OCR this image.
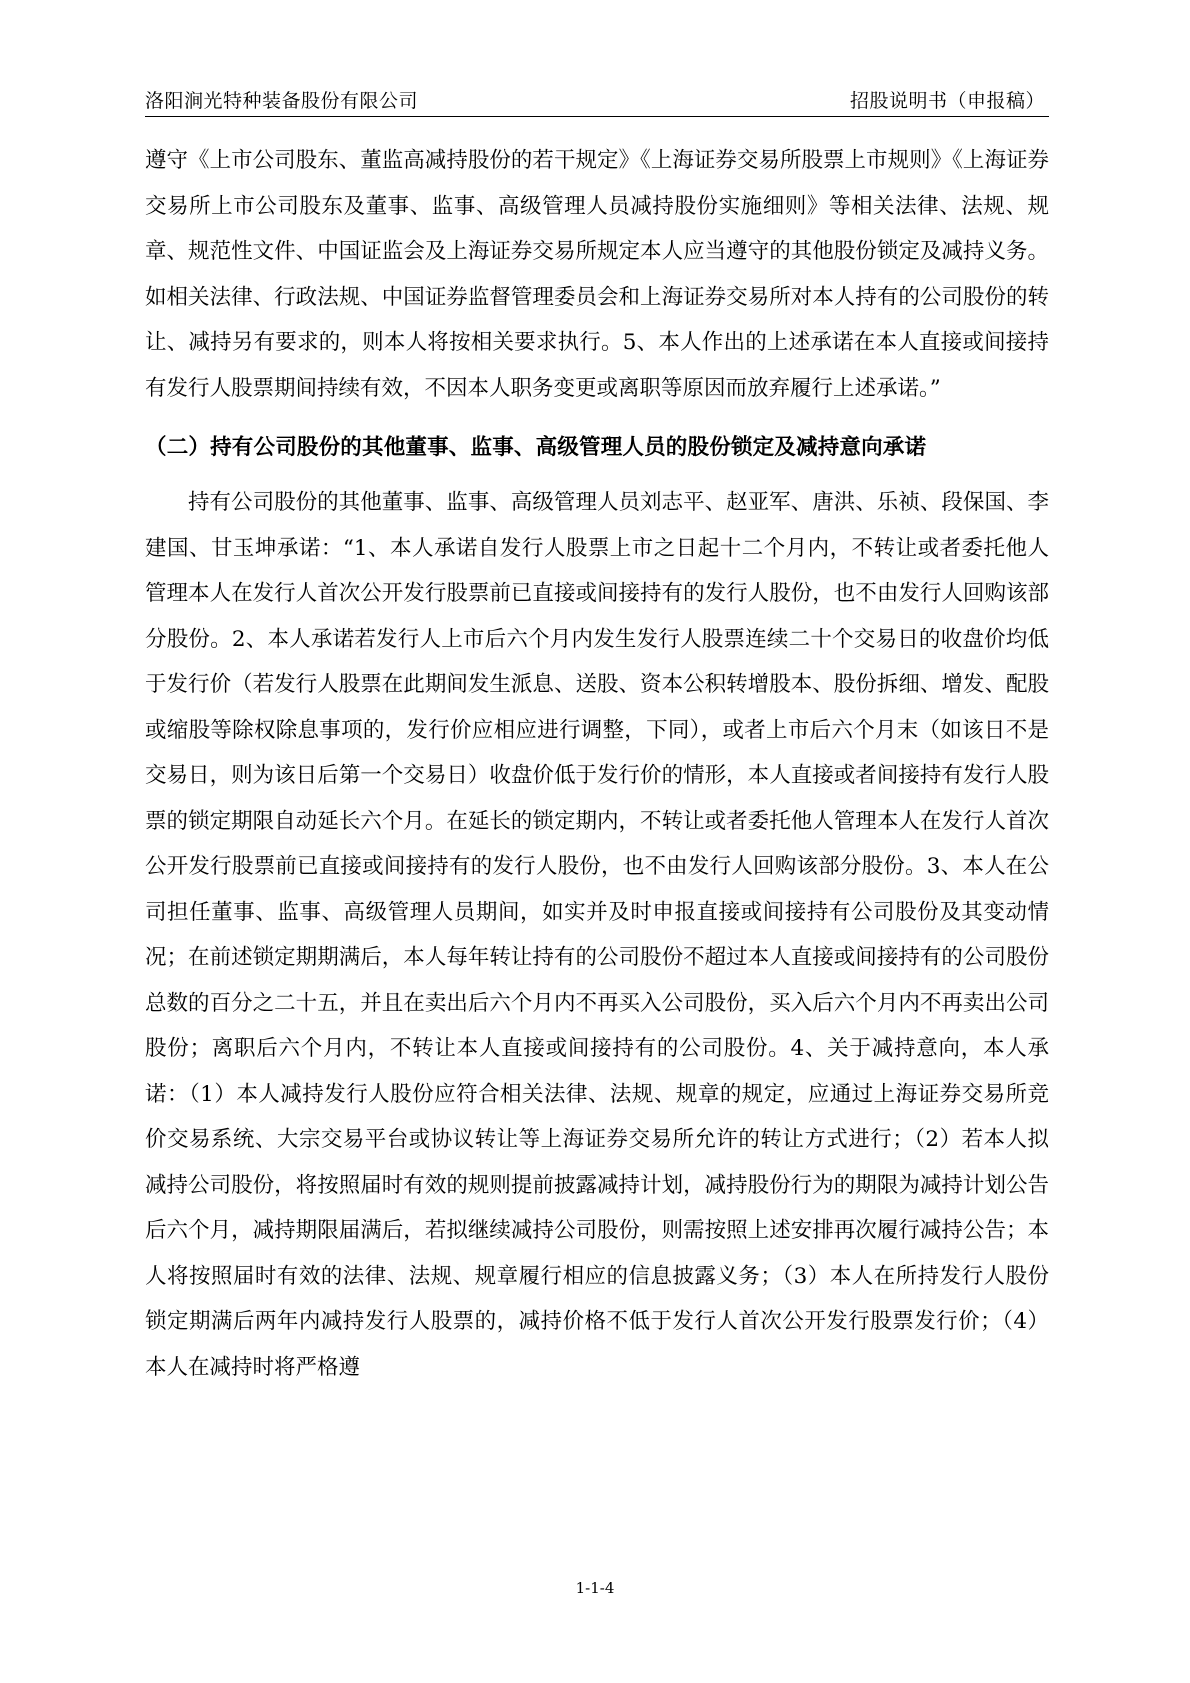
洛阳涧光特种装备股份有限公司	招股说明书（申报稿）

遵守《上市公司股东、董监高减持股份的若干规定》《上海证券交易所股票上市规则》《上海证券交易所上市公司股东及董事、监事、高级管理人员减持股份实施细则》等相关法律、法规、规章、规范性文件、中国证监会及上海证券交易所规定本人应当遵守的其他股份锁定及减持义务。如相关法律、行政法规、中国证券监督管理委员会和上海证券交易所对本人持有的公司股份的转让、减持另有要求的，则本人将按相关要求执行。5、本人作出的上述承诺在本人直接或间接持有发行人股票期间持续有效，不因本人职务变更或离职等原因而放弃履行上述承诺。”

（二）持有公司股份的其他董事、监事、高级管理人员的股份锁定及减持意向承诺

持有公司股份的其他董事、监事、高级管理人员刘志平、赵亚军、唐洪、乐祯、段保国、李建国、甘玉坤承诺：“1、本人承诺自发行人股票上市之日起十二个月内，不转让或者委托他人管理本人在发行人首次公开发行股票前已直接或间接持有的发行人股份，也不由发行人回购该部分股份。2、本人承诺若发行人上市后六个月内发生发行人股票连续二十个交易日的收盘价均低于发行价（若发行人股票在此期间发生派息、送股、资本公积转增股本、股份拆细、增发、配股或缩股等除权除息事项的，发行价应相应进行调整，下同），或者上市后六个月末（如该日不是交易日，则为该日后第一个交易日）收盘价低于发行价的情形，本人直接或者间接持有发行人股票的锁定期限自动延长六个月。在延长的锁定期内，不转让或者委托他人管理本人在发行人首次公开发行股票前已直接或间接持有的发行人股份，也不由发行人回购该部分股份。3、本人在公司担任董事、监事、高级管理人员期间，如实并及时申报直接或间接持有公司股份及其变动情况；在前述锁定期期满后，本人每年转让持有的公司股份不超过本人直接或间接持有的公司股份总数的百分之二十五，并且在卖出后六个月内不再买入公司股份，买入后六个月内不再卖出公司股份；离职后六个月内，不转让本人直接或间接持有的公司股份。4、关于减持意向，本人承诺：（1）本人减持发行人股份应符合相关法律、法规、规章的规定，应通过上海证券交易所竞价交易系统、大宗交易平台或协议转让等上海证券交易所允许的转让方式进行；（2）若本人拟减持公司股份，将按照届时有效的规则提前披露减持计划，减持股份行为的期限为减持计划公告后六个月，减持期限届满后，若拟继续减持公司股份，则需按照上述安排再次履行减持公告；本人将按照届时有效的法律、法规、规章履行相应的信息披露义务；（3）本人在所持发行人股份锁定期满后两年内减持发行人股票的，减持价格不低于发行人首次公开发行股票发行价；（4）本人在减持时将严格遵

1-1-4
